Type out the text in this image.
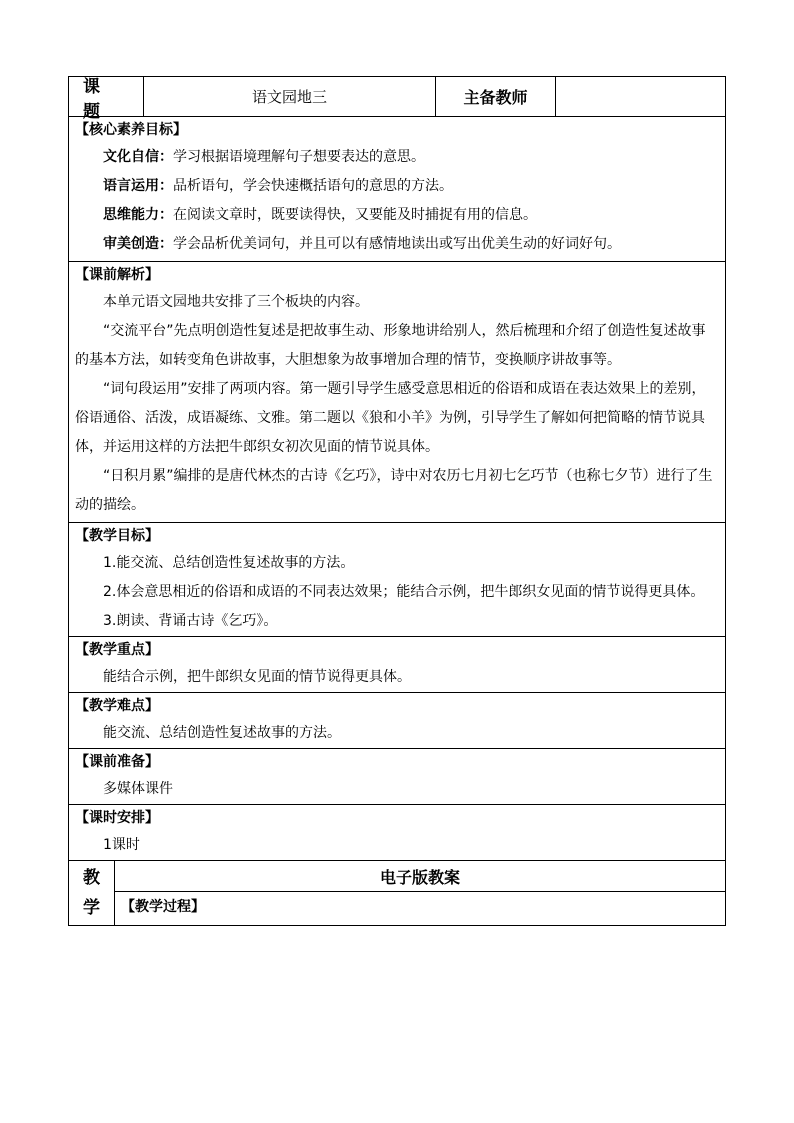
课题
语文园地三	主备教师
【核心素养目标】

文化自信：学习根据语境理解句子想要表达的意思。

语言运用：品析语句，学会快速概括语句的意思的方法。

思维能力：在阅读文章时，既要读得快，又要能及时捕捉有用的信息。

审美创造：学会品析优美词句，并且可以有感情地读出或写出优美生动的好词好句。

【课前解析】

本单元语文园地共安排了三个板块的内容。

“交流平台”先点明创造性复述是把故事生动、形象地讲给别人，然后梳理和介绍了创造性复述故事的基本方法，如转变角色讲故事，大胆想象为故事增加合理的情节，变换顺序讲故事等。

“词句段运用”安排了两项内容。第一题引导学生感受意思相近的俗语和成语在表达效果上的差别，俗语通俗、活泼，成语凝练、文雅。第二题以《狼和小羊》为例，引导学生了解如何把简略的情节说具体，并运用这样的方法把牛郎织女初次见面的情节说具体。

“日积月累”编排的是唐代林杰的古诗《乞巧》，诗中对农历七月初七乞巧节（也称七夕节）进行了生动的描绘。

【教学目标】

1.能交流、总结创造性复述故事的方法。

2.体会意思相近的俗语和成语的不同表达效果；能结合示例，把牛郎织女见面的情节说得更具体。

3.朗读、背诵古诗《乞巧》。

【教学重点】

能结合示例，把牛郎织女见面的情节说得更具体。

【教学难点】

能交流、总结创造性复述故事的方法。

【课前准备】

多媒体课件

【课时安排】

1课时

教
学
电子版教案
【教学过程】
